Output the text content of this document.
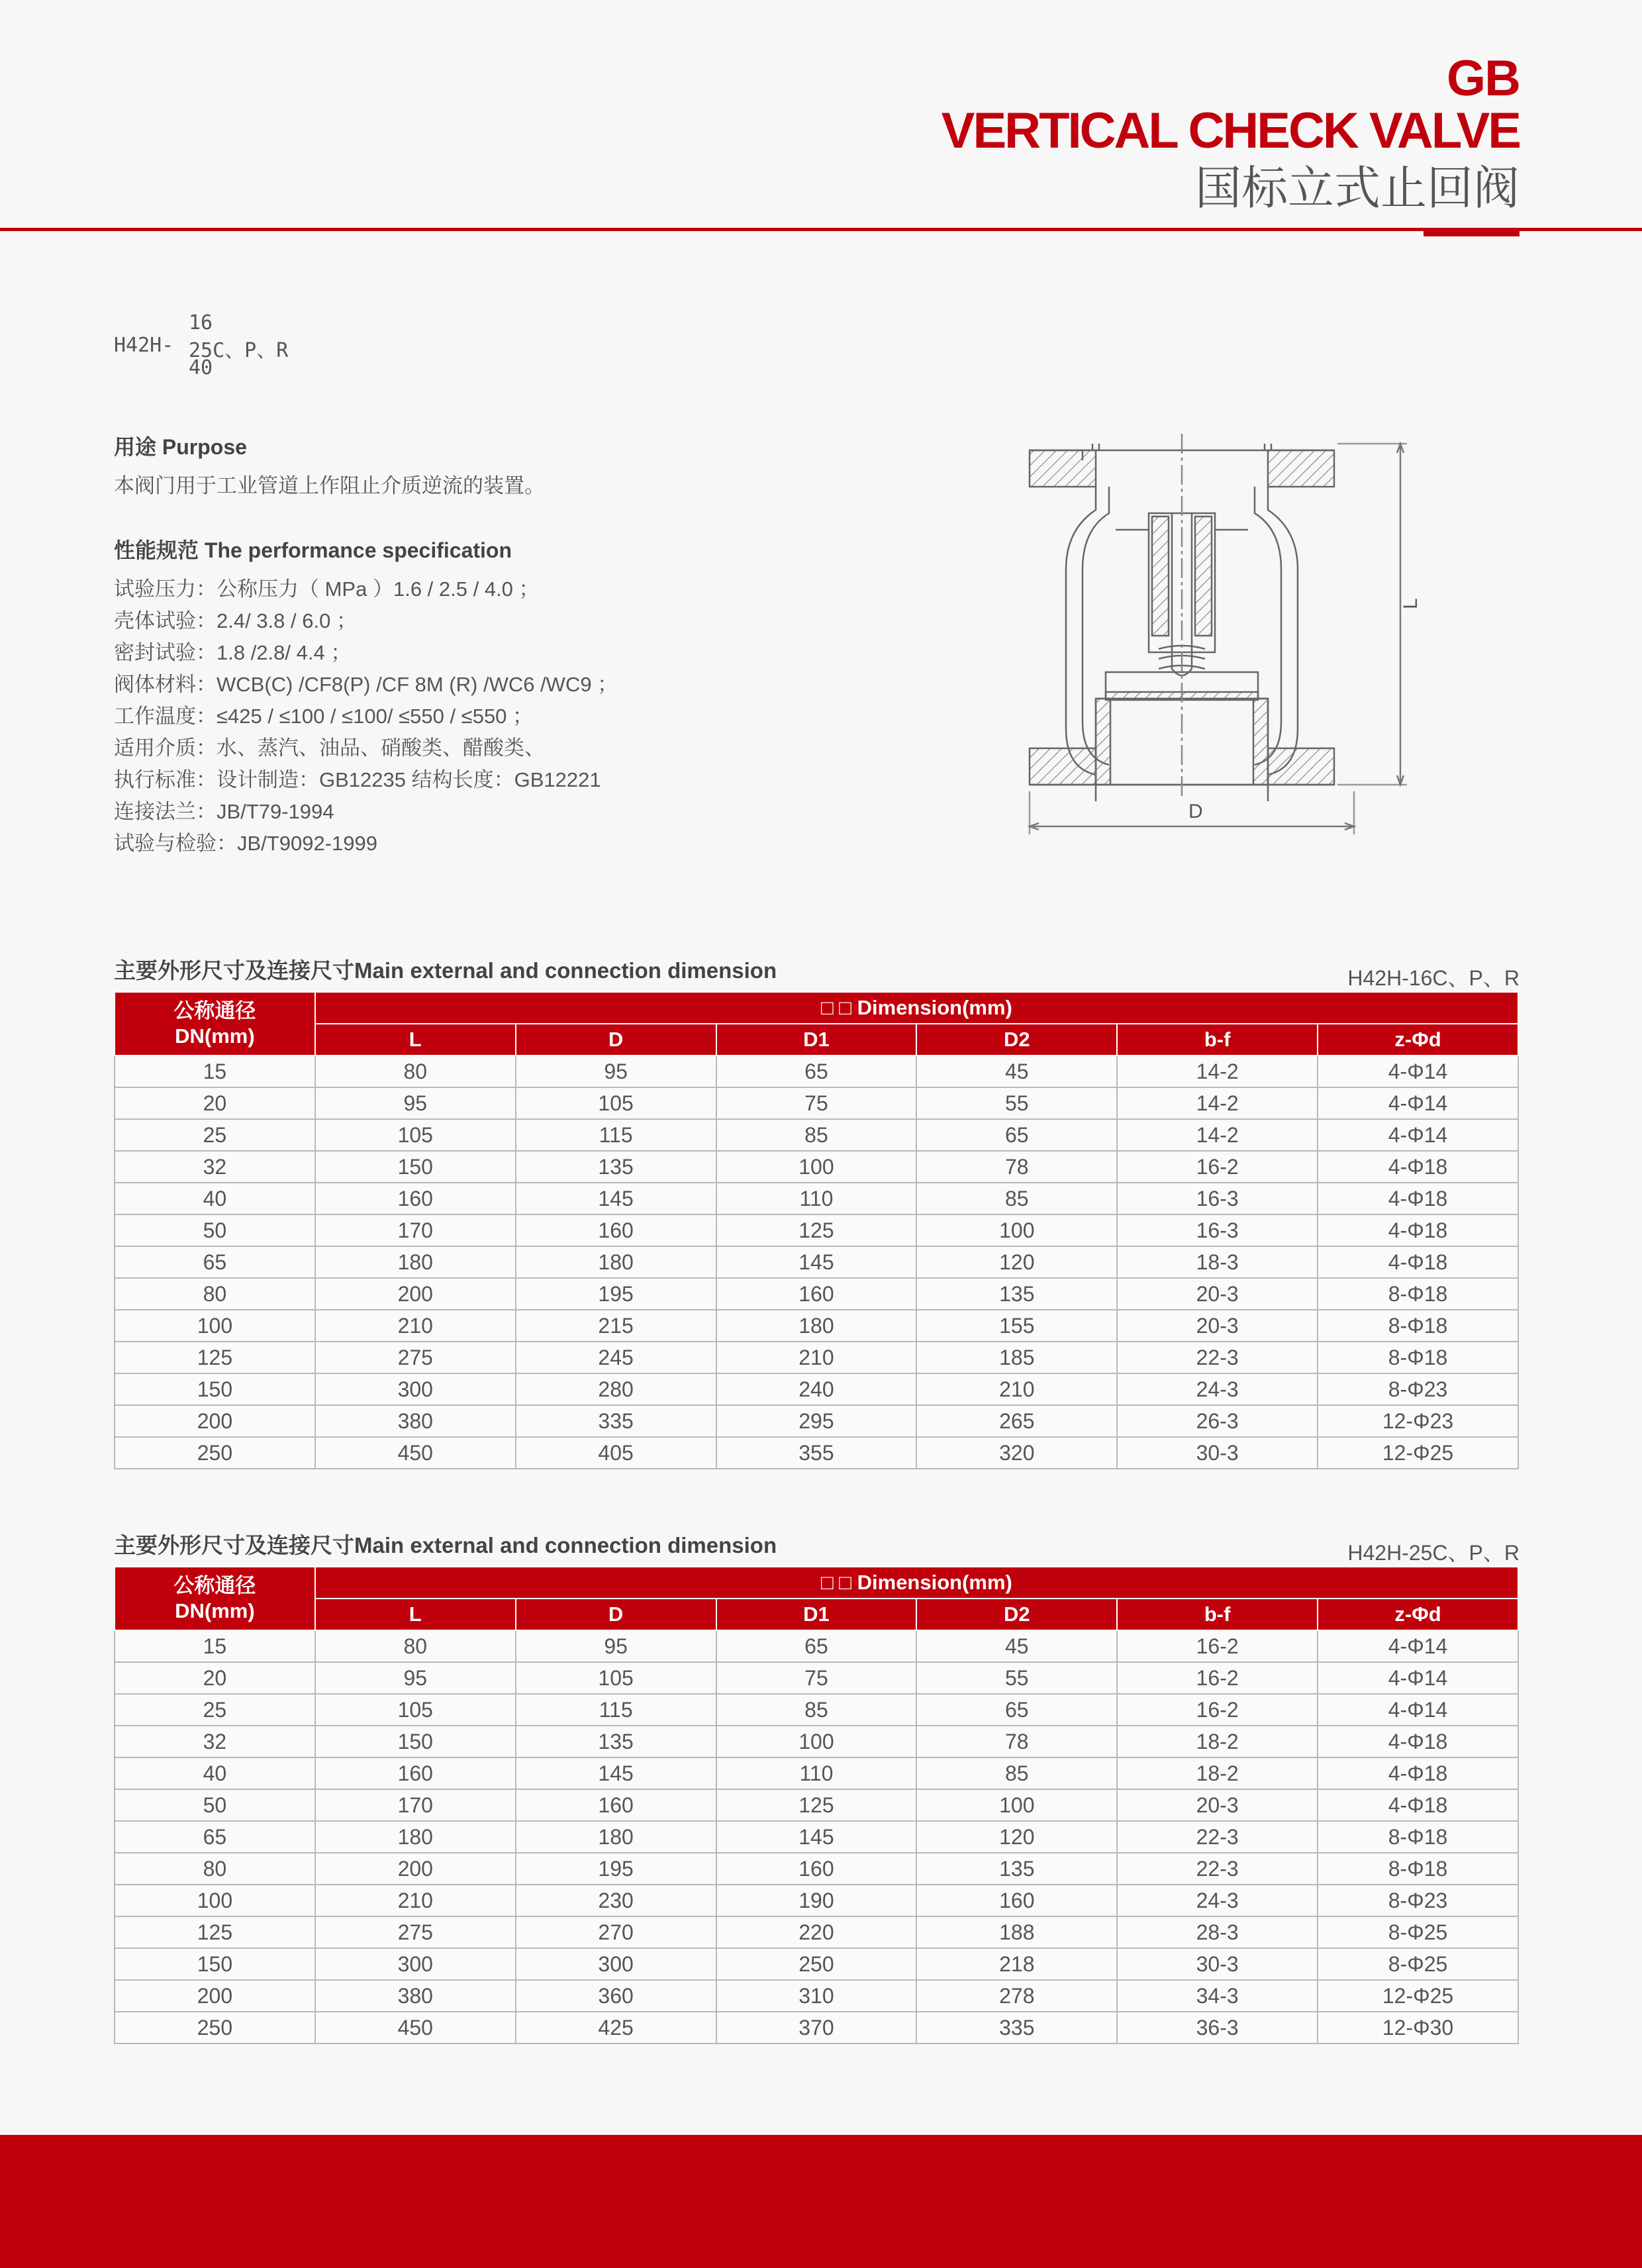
GB
VERTICAL CHECK VALVE
国标立式止回阀
16
H42H- 25C、P、R
40
用途 Purpose
本阀门用于工业管道上作阻止介质逆流的装置。
性能规范 The performance specification
试验压力：公称压力（ MPa ）1.6 / 2.5 / 4.0 ；
壳体试验：2.4/ 3.8 / 6.0 ；
密封试验：1.8 /2.8/ 4.4 ；
阀体材料：WCB(C) /CF8(P) /CF 8M (R) /WC6 /WC9 ；
工作温度：≤425 / ≤100 / ≤100/ ≤550 / ≤550 ；
适用介质：水、蒸汽、油品、硝酸类、醋酸类、
执行标准：设计制造：GB12235 结构长度：GB12221
连接法兰：JB/T79-1994
试验与检验：JB/T9092-1999
L
D
主要外形尺寸及连接尺寸Main external and connection dimension	H42H-16C、P、R
公称通径
DN(mm)	□ □ Dimension(mm)					
	L	D	D1	D2	b-f	z-Φd
15	80	95	65	45	14-2	4-Φ14
20	95	105	75	55	14-2	4-Φ14
25	105	115	85	65	14-2	4-Φ14
32	150	135	100	78	16-2	4-Φ18
40	160	145	110	85	16-3	4-Φ18
50	170	160	125	100	16-3	4-Φ18
65	180	180	145	120	18-3	4-Φ18
80	200	195	160	135	20-3	8-Φ18
100	210	215	180	155	20-3	8-Φ18
125	275	245	210	185	22-3	8-Φ18
150	300	280	240	210	24-3	8-Φ23
200	380	335	295	265	26-3	12-Φ23
250	450	405	355	320	30-3	12-Φ25
主要外形尺寸及连接尺寸Main external and connection dimension	H42H-25C、P、R
公称通径
DN(mm)	□ □ Dimension(mm)					
	L	D	D1	D2	b-f	z-Φd
15	80	95	65	45	16-2	4-Φ14
20	95	105	75	55	16-2	4-Φ14
25	105	115	85	65	16-2	4-Φ14
32	150	135	100	78	18-2	4-Φ18
40	160	145	110	85	18-2	4-Φ18
50	170	160	125	100	20-3	4-Φ18
65	180	180	145	120	22-3	8-Φ18
80	200	195	160	135	22-3	8-Φ18
100	210	230	190	160	24-3	8-Φ23
125	275	270	220	188	28-3	8-Φ25
150	300	300	250	218	30-3	8-Φ25
200	380	360	310	278	34-3	12-Φ25
250	450	425	370	335	36-3	12-Φ30
